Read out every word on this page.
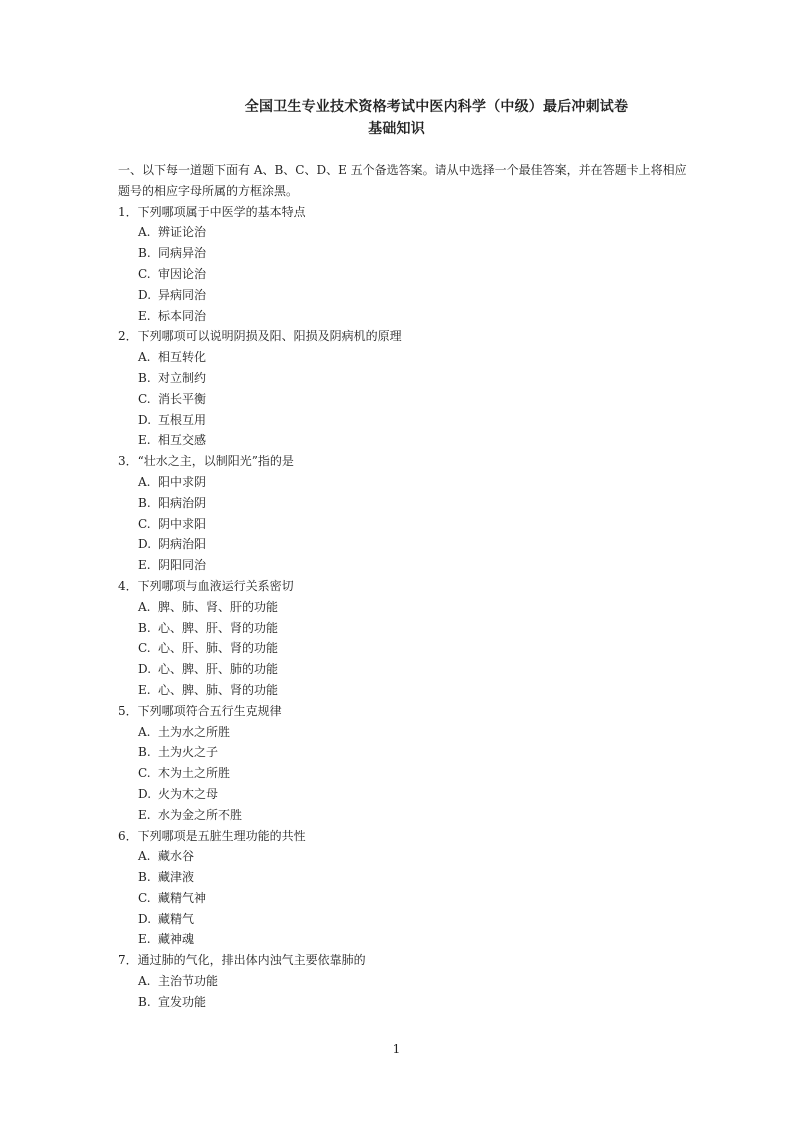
全国卫生专业技术资格考试中医内科学（中级）最后冲刺试卷
基础知识

一、以下每一道题下面有 A、B、C、D、E 五个备选答案。请从中选择一个最佳答案，并在答题卡上将相应题号的相应字母所属的方框涂黑。

1．下列哪项属于中医学的基本特点
A. 辨证论治
B. 同病异治
C. 审因论治
D. 异病同治
E. 标本同治
2．下列哪项可以说明阴损及阳、阳损及阴病机的原理
A. 相互转化
B. 对立制约
C. 消长平衡
D. 互根互用
E. 相互交感
3．“壮水之主，以制阳光”指的是
A. 阳中求阴
B. 阳病治阴
C. 阴中求阳
D. 阴病治阳
E. 阴阳同治
4．下列哪项与血液运行关系密切
A. 脾、肺、肾、肝的功能
B. 心、脾、肝、肾的功能
C. 心、肝、肺、肾的功能
D. 心、脾、肝、肺的功能
E. 心、脾、肺、肾的功能
5．下列哪项符合五行生克规律
A. 土为水之所胜
B. 土为火之子
C. 木为土之所胜
D. 火为木之母
E. 水为金之所不胜
6．下列哪项是五脏生理功能的共性
A. 藏水谷
B. 藏津液
C. 藏精气神
D. 藏精气
E. 藏神魂
7．通过肺的气化，排出体内浊气主要依靠肺的
A. 主治节功能
B. 宣发功能
1
